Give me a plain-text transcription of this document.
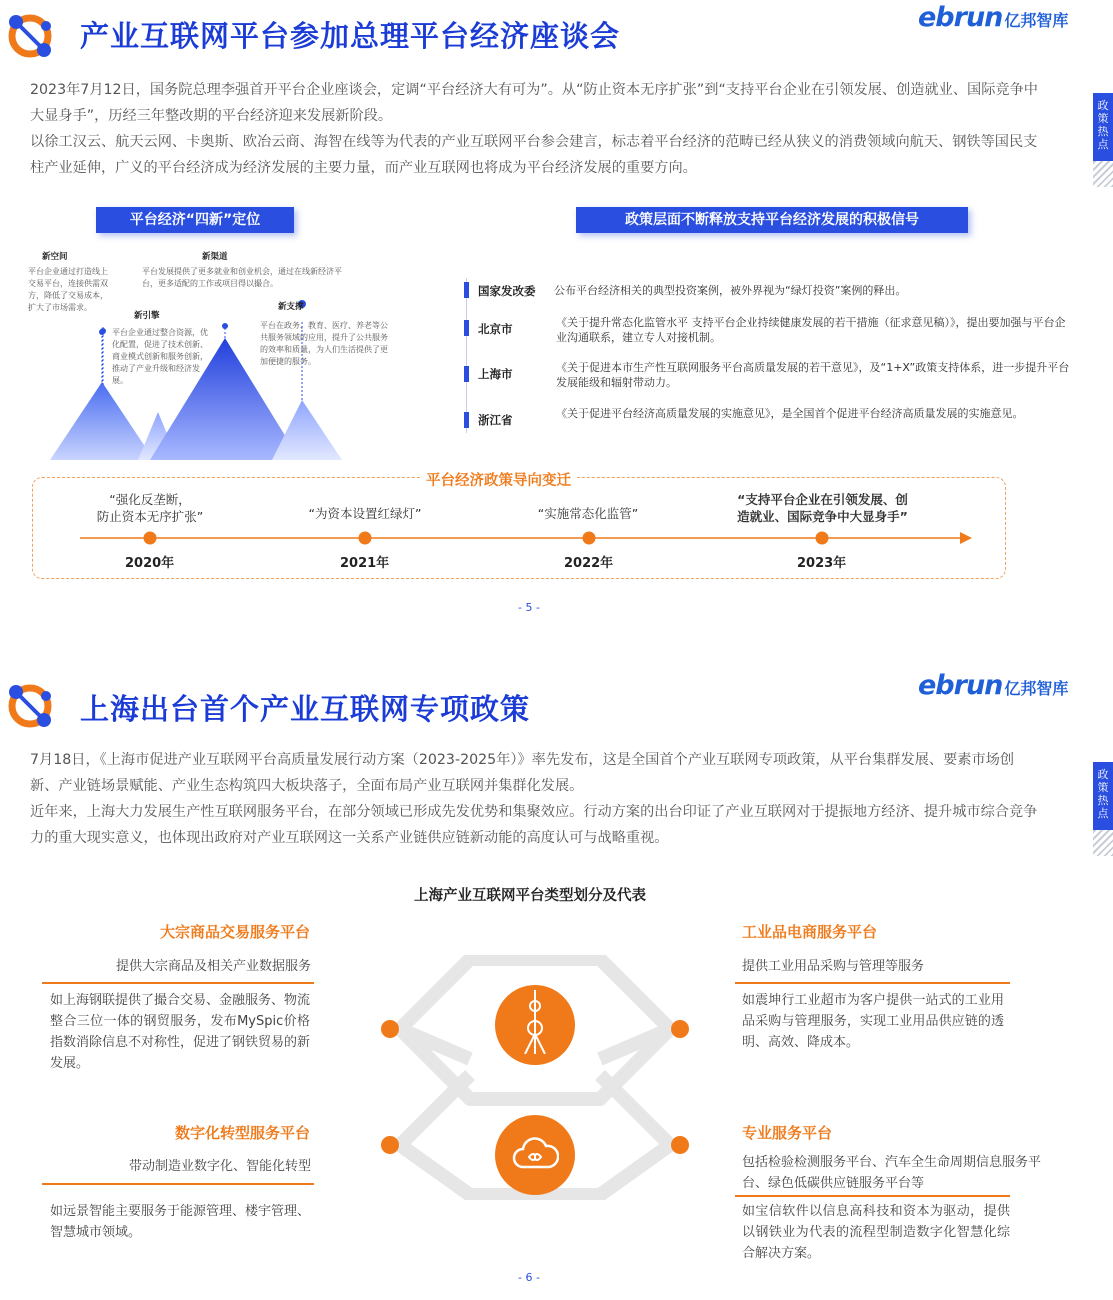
产业互联网平台参加总理平台经济座谈会
ebrun 亿邦智库
政策热点

2023年7月12日，国务院总理李强首开平台企业座谈会，定调“平台经济大有可为”。从“防止资本无序扩张”到“支持平台企业在引领发展、创造就业、国际竞争中大显身手”，历经三年整改期的平台经济迎来发展新阶段。

以徐工汉云、航天云网、卡奥斯、欧冶云商、海智在线等为代表的产业互联网平台参会建言，标志着平台经济的范畴已经从狭义的消费领域向航天、钢铁等国民支柱产业延伸，广义的平台经济成为经济发展的主要力量，而产业互联网也将成为平台经济发展的重要方向。

平台经济“四新”定位	政策层面不断释放支持平台经济发展的积极信号
新空间
平台企业通过打造线上交易平台，连接供需双方，降低了交易成本，扩大了市场需求。
新渠道
平台发展提供了更多就业和创业机会，通过在线新经济平台，更多适配的工作或项目得以撮合。
新引擎
平台企业通过整合资源，优化配置，促进了技术创新、商业模式创新和服务创新，推动了产业升级和经济发展。
新支撑
平台在政务、教育、医疗、养老等公共服务领域的应用，提升了公共服务的效率和质量，为人们生活提供了更加便捷的服务。
国家发改委 公布平台经济相关的典型投资案例，被外界视为“绿灯投资”案例的释出。
北京市	《关于提升常态化监管水平 支持平台企业持续健康发展的若干措施（征求意见稿）》，提出要加强与平台企业沟通联系，建立专人对接机制。
上海市	《关于促进本市生产性互联网服务平台高质量发展的若干意见》，及“1+X”政策支持体系，进一步提升平台发展能级和辐射带动力。
浙江省	《关于促进平台经济高质量发展的实施意见》，是全国首个促进平台经济高质量发展的实施意见。
平台经济政策导向变迁
“强化反垄断，
防止资本无序扩张”	“为资本设置红绿灯”	“实施常态化监管”
“支持平台企业在引领发展、创
造就业、国际竞争中大显身手”
2020年	2021年	2022年	2023年
- 5 -
上海出台首个产业互联网专项政策
ebrun 亿邦智库
政策热点

7月18日，《上海市促进产业互联网平台高质量发展行动方案（2023-2025年）》率先发布，这是全国首个产业互联网专项政策，从平台集群发展、要素市场创新、产业链场景赋能、产业生态构筑四大板块落子，全面布局产业互联网并集群化发展。

近年来，上海大力发展生产性互联网服务平台，在部分领域已形成先发优势和集聚效应。行动方案的出台印证了产业互联网对于提振地方经济、提升城市综合竞争力的重大现实意义，也体现出政府对产业互联网这一关系产业链供应链新动能的高度认可与战略重视。

上海产业互联网平台类型划分及代表
大宗商品交易服务平台
提供大宗商品及相关产业数据服务
如上海钢联提供了撮合交易、金融服务、物流整合三位一体的钢贸服务，发布MySpic价格指数消除信息不对称性，促进了钢铁贸易的新发展。
工业品电商服务平台
提供工业用品采购与管理等服务
如震坤行工业超市为客户提供一站式的工业用品采购与管理服务，实现工业用品供应链的透明、高效、降成本。
数字化转型服务平台
带动制造业数字化、智能化转型
如远景智能主要服务于能源管理、楼宇管理、智慧城市领域。
专业服务平台
包括检验检测服务平台、汽车全生命周期信息服务平台、绿色低碳供应链服务平台等
如宝信软件以信息高科技和资本为驱动，提供以钢铁业为代表的流程型制造数字化智慧化综合解决方案。
- 6 -
